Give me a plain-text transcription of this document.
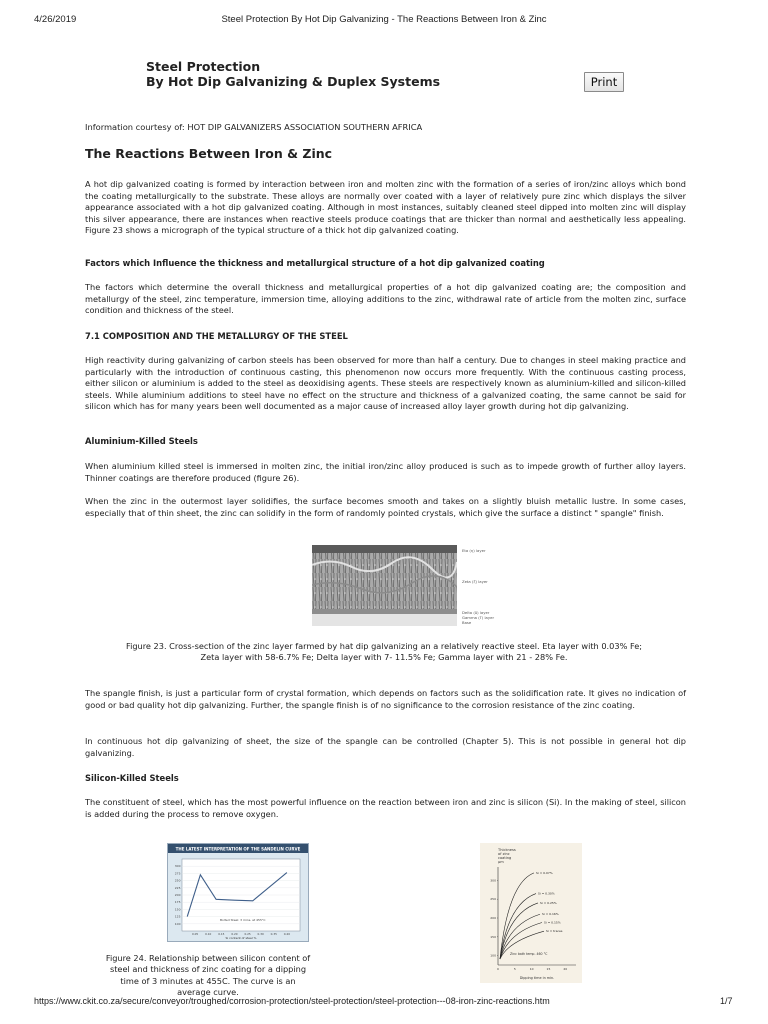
4/26/2019	Steel Protection By Hot Dip Galvanizing - The Reactions Between Iron & Zinc
Steel Protection
By Hot Dip Galvanizing & Duplex Systems	Print
Information courtesy of: HOT DIP GALVANIZERS ASSOCIATION SOUTHERN AFRICA
The Reactions Between Iron & Zinc

A hot dip galvanized coating is formed by interaction between iron and molten zinc with the formation of a series of iron/zinc alloys which bond the coating metallurgically to the substrate. These alloys are normally over coated with a layer of relatively pure zinc which displays the silver appearance associated with a hot dip galvanized coating. Although in most instances, suitably cleaned steel dipped into molten zinc will display this silver appearance, there are instances when reactive steels produce coatings that are thicker than normal and aesthetically less appealing. Figure 23 shows a micrograph of the typical structure of a thick hot dip galvanized coating.

Factors which Influence the thickness and metallurgical structure of a hot dip galvanized coating

The factors which determine the overall thickness and metallurgical properties of a hot dip galvanized coating are; the composition and metallurgy of the steel, zinc temperature, immersion time, alloying additions to the zinc, withdrawal rate of article from the molten zinc, surface condition and thickness of the steel.

7.1 COMPOSITION AND THE METALLURGY OF THE STEEL

High reactivity during galvanizing of carbon steels has been observed for more than half a century. Due to changes in steel making practice and particularly with the introduction of continuous casting, this phenomenon now occurs more frequently. With the continuous casting process, either silicon or aluminium is added to the steel as deoxidising agents. These steels are respectively known as aluminium-killed and silicon-killed steels. While aluminium additions to steel have no effect on the structure and thickness of a galvanized coating, the same cannot be said for silicon which has for many years been well documented as a major cause of increased alloy layer growth during hot dip galvanizing.

Aluminium-Killed Steels

When aluminium killed steel is immersed in molten zinc, the initial iron/zinc alloy produced is such as to impede growth of further alloy layers. Thinner coatings are therefore produced (figure 26).

When the zinc in the outermost layer solidifies, the surface becomes smooth and takes on a slightly bluish metallic lustre. In some cases, especially that of thin sheet, the zinc can solidify in the form of randomly pointed crystals, which give the surface a distinct " spangle" finish.

Eta (η) layer
Zeta (ζ) layer
Delta (δ) layer
Gamma (Γ) layer
Base
Figure 23. Cross-section of the zinc layer farmed by hat dip galvanizing an a relatively reactive steel. Eta layer with 0.03% Fe; Zeta layer with 58-6.7% Fe; Delta layer with 7- 11.5% Fe; Gamma layer with 21 - 28% Fe.

The spangle finish, is just a particular form of crystal formation, which depends on factors such as the solidification rate. It gives no indication of good or bad quality hot dip galvanizing. Further, the spangle finish is of no significance to the corrosion resistance of the zinc coating.

In continuous hot dip galvanizing of sheet, the size of the spangle can be controlled (Chapter 5). This is not possible in general hot dip galvanizing.

Silicon-Killed Steels

The constituent of steel, which has the most powerful influence on the reaction between iron and zinc is silicon (Si). In the making of steel, silicon is added during the process to remove oxygen.

THE LATEST INTERPRETATION OF THE SANDELIN CURVE
300
275
250
225
200
175
150
125
100
0.05 0.10 0.15 0.20 0.25 0.30 0.35 0.40
Bolted Steel: 3 mins. at 455°C
Si content of steel %
Figure 24. Relationship between silicon content of steel and thickness of zinc coating for a dipping time of 3 minutes at 455C. The curve is an average curve.
Thickness
of zinc
coating
µm
300
250
200
150
100
0	5	10	15	20
Si = 0.07%
Si = 0.30%
Si = 0.25%
Si = 0.16%
Si = 0.15%
Si = traces
Zinc bath temp. 460 °C
Dipping time in min.
https://www.ckit.co.za/secure/conveyor/troughed/corrosion-protection/steel-protection/steel-protection---08-iron-zinc-reactions.htm	1/7
